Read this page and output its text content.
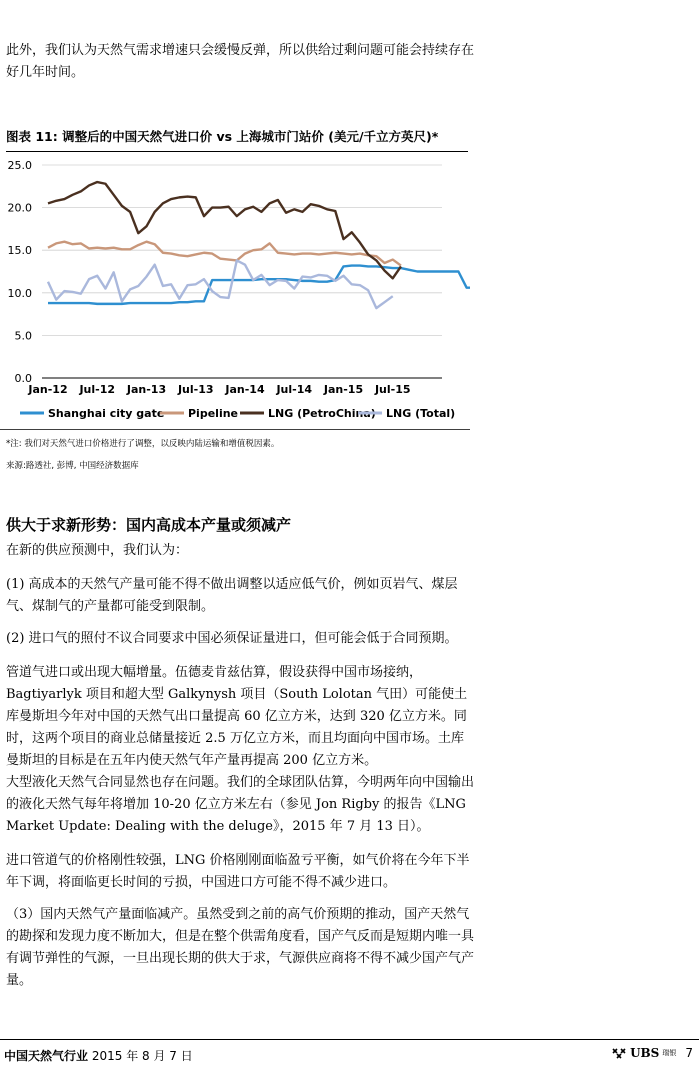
此外，我们认为天然气需求增速只会缓慢反弹，所以供给过剩问题可能会持续存在好几年时间。

图表 11: 调整后的中国天然气进口价 vs 上海城市门站价 (美元/千立方英尺)*
0.0
5.0
10.0
15.0
20.0
25.0
Jan-12 Jul-12 Jan-13 Jul-13 Jan-14 Jul-14 Jan-15 Jul-15
Shanghai city gate Pipeline	LNG (PetroChina) LNG (Total)
*注: 我们对天然气进口价格进行了调整，以反映内陆运输和增值税因素。
来源:路透社, 彭博, 中国经济数据库
供大于求新形势：国内高成本产量或须减产

在新的供应预测中，我们认为：

(1) 高成本的天然气产量可能不得不做出调整以适应低气价，例如页岩气、煤层气、煤制气的产量都可能受到限制。

(2) 进口气的照付不议合同要求中国必须保证量进口，但可能会低于合同预期。

管道气进口或出现大幅增量。伍德麦肯兹估算，假设获得中国市场接纳，Bagtiyarlyk 项目和超大型 Galkynysh 项目（South Lolotan 气田）可能使土库曼斯坦今年对中国的天然气出口量提高 60 亿立方米，达到 320 亿立方米。同时，这两个项目的商业总储量接近 2.5 万亿立方米，而且均面向中国市场。土库曼斯坦的目标是在五年内使天然气年产量再提高 200 亿立方米。

大型液化天然气合同显然也存在问题。我们的全球团队估算，今明两年向中国输出的液化天然气每年将增加 10-20 亿立方米左右（参见 Jon Rigby 的报告《LNG Market Update: Dealing with the deluge》，2015 年 7 月 13 日）。

进口管道气的价格刚性较强，LNG 价格刚刚面临盈亏平衡，如气价将在今年下半年下调，将面临更长时间的亏损，中国进口方可能不得不减少进口。

（3）国内天然气产量面临减产。虽然受到之前的高气价预期的推动，国产天然气的勘探和发现力度不断加大，但是在整个供需角度看，国产气反而是短期内唯一具有调节弹性的气源，一旦出现长期的供大于求，气源供应商将不得不减少国产气产量。

中国天然气行业 2015 年 8 月 7 日	UBS 瑞银 7
